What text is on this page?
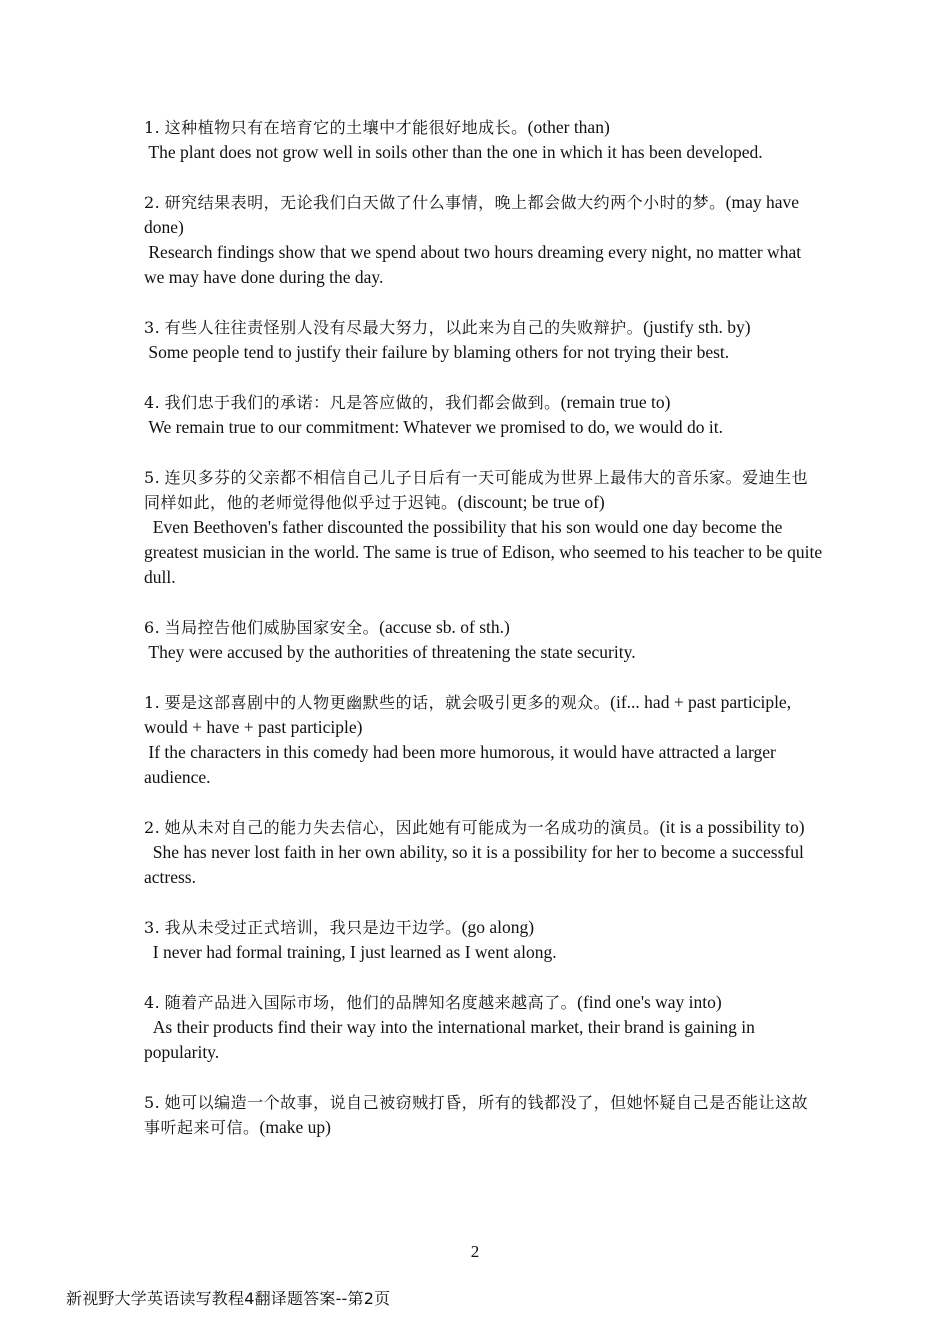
1. 这种植物只有在培育它的土壤中才能很好地成长。(other than)

The plant does not grow well in soils other than the one in which it has been developed.

2. 研究结果表明，无论我们白天做了什么事情，晚上都会做大约两个小时的梦。(may have done)

Research findings show that we spend about two hours dreaming every night, no matter what we may have done during the day.

3. 有些人往往责怪别人没有尽最大努力，以此来为自己的失败辩护。(justify sth. by)

Some people tend to justify their failure by blaming others for not trying their best.

4. 我们忠于我们的承诺：凡是答应做的，我们都会做到。(remain true to)

We remain true to our commitment: Whatever we promised to do, we would do it.

5. 连贝多芬的父亲都不相信自己儿子日后有一天可能成为世界上最伟大的音乐家。爱迪生也同样如此，他的老师觉得他似乎过于迟钝。(discount; be true of)

Even Beethoven's father discounted the possibility that his son would one day become the greatest musician in the world. The same is true of Edison, who seemed to his teacher to be quite dull.

6. 当局控告他们威胁国家安全。(accuse sb. of sth.)

They were accused by the authorities of threatening the state security.

1. 要是这部喜剧中的人物更幽默些的话，就会吸引更多的观众。(if... had + past participle, would + have + past participle)

If the characters in this comedy had been more humorous, it would have attracted a larger audience.

2. 她从未对自己的能力失去信心，因此她有可能成为一名成功的演员。(it is a possibility to)

She has never lost faith in her own ability, so it is a possibility for her to become a successful actress.

3. 我从未受过正式培训，我只是边干边学。(go along)

I never had formal training, I just learned as I went along.

4. 随着产品进入国际市场，他们的品牌知名度越来越高了。(find one's way into)

As their products find their way into the international market, their brand is gaining in popularity.

5. 她可以编造一个故事，说自己被窃贼打昏，所有的钱都没了，但她怀疑自己是否能让这故事听起来可信。(make up)

2
新视野大学英语读写教程4翻译题答案--第2页
